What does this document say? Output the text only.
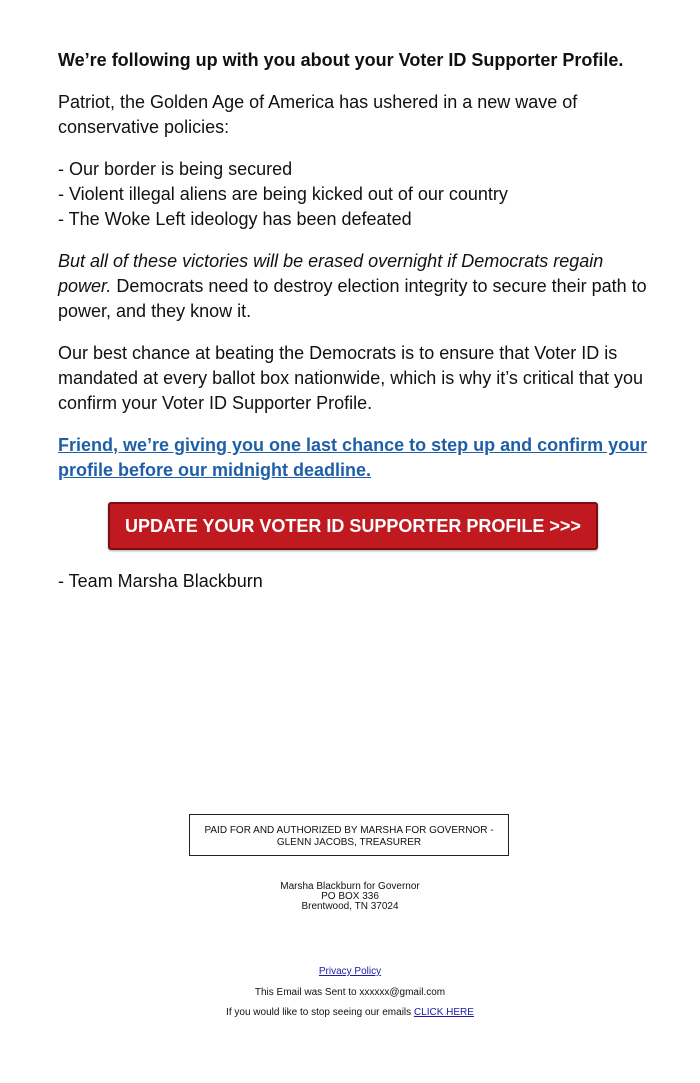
We’re following up with you about your Voter ID Supporter Profile.
Patriot, the Golden Age of America has ushered in a new wave of conservative policies:
- Our border is being secured
- Violent illegal aliens are being kicked out of our country
- The Woke Left ideology has been defeated
But all of these victories will be erased overnight if Democrats regain power. Democrats need to destroy election integrity to secure their path to power, and they know it.
Our best chance at beating the Democrats is to ensure that Voter ID is mandated at every ballot box nationwide, which is why it’s critical that you confirm your Voter ID Supporter Profile.
Friend, we’re giving you one last chance to step up and confirm your profile before our midnight deadline.
UPDATE YOUR VOTER ID SUPPORTER PROFILE >>>
- Team Marsha Blackburn
PAID FOR AND AUTHORIZED BY MARSHA FOR GOVERNOR - GLENN JACOBS, TREASURER
Marsha Blackburn for Governor
PO BOX 336
Brentwood, TN 37024
Privacy Policy
This Email was Sent to xxxxxx@gmail.com
If you would like to stop seeing our emails CLICK HERE
